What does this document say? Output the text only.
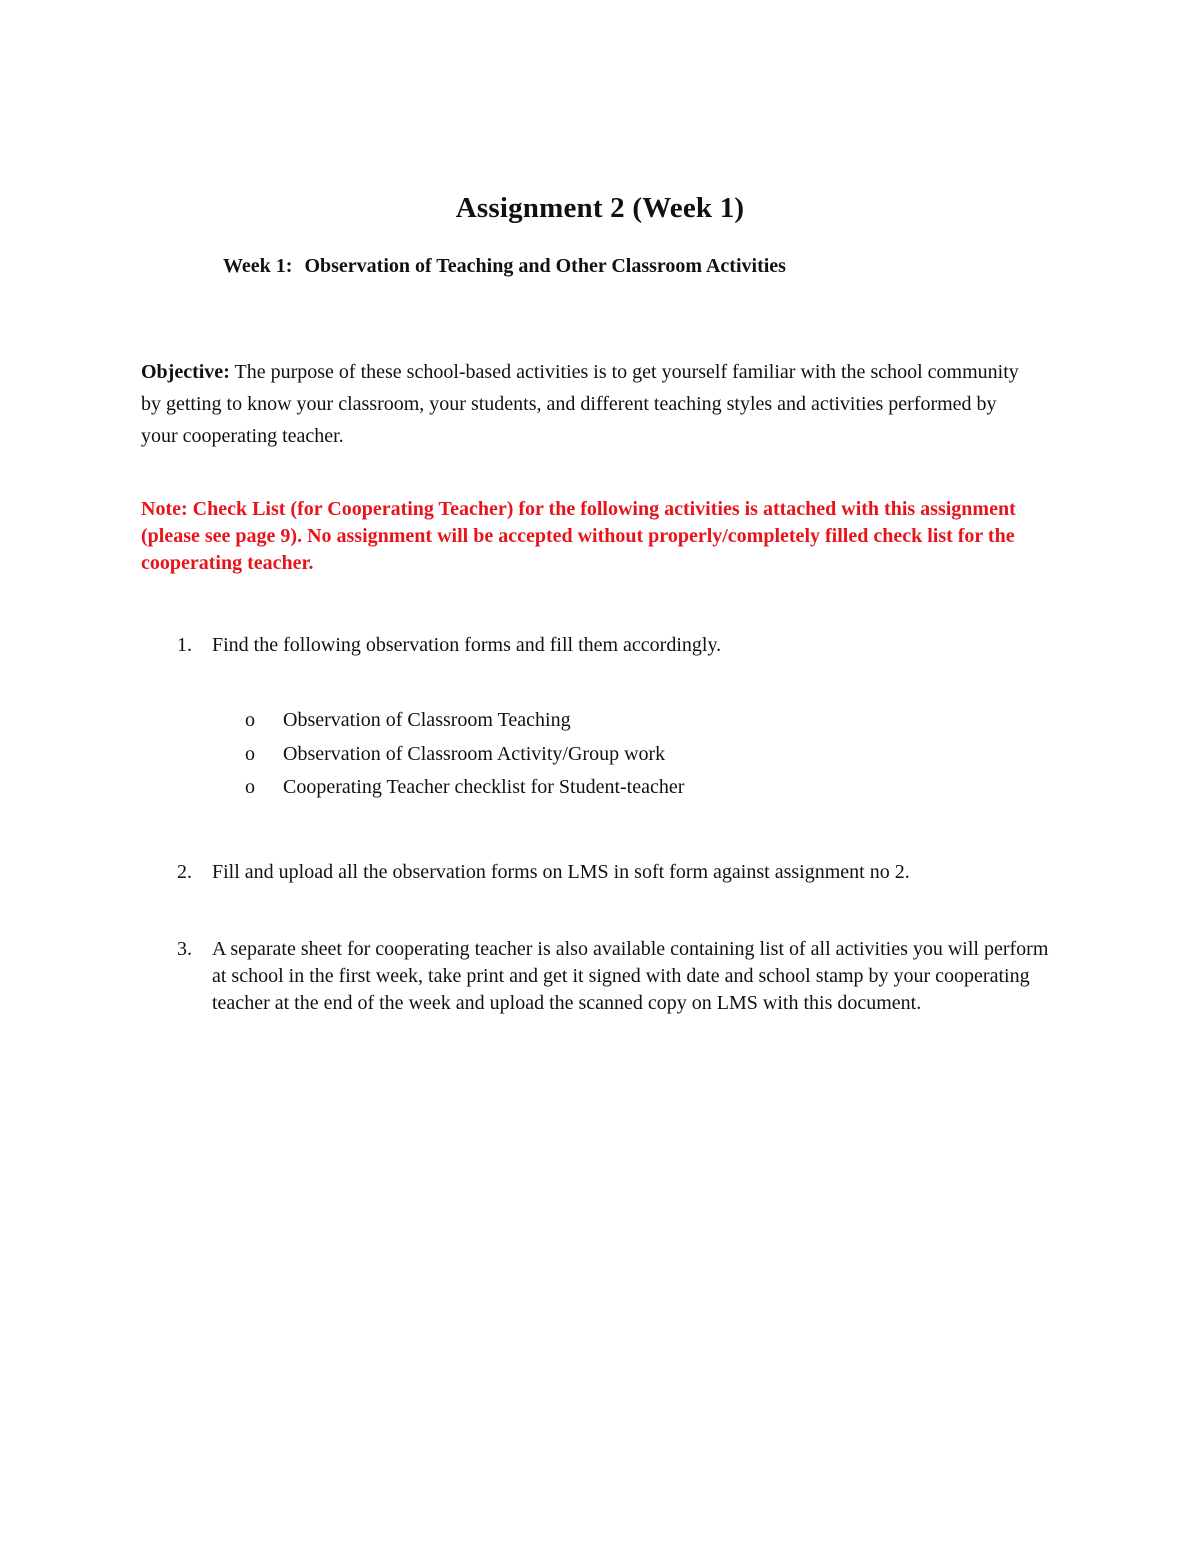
Assignment 2 (Week 1)
Week 1: Observation of Teaching and Other Classroom Activities
Objective: The purpose of these school-based activities is to get yourself familiar with the school community by getting to know your classroom, your students, and different teaching styles and activities performed by your cooperating teacher.
Note: Check List (for Cooperating Teacher) for the following activities is attached with this assignment (please see page 9). No assignment will be accepted without properly/completely filled check list for the cooperating teacher.
1. Find the following observation forms and fill them accordingly.
o Observation of Classroom Teaching
o Observation of Classroom Activity/Group work
o Cooperating Teacher checklist for Student-teacher
2. Fill and upload all the observation forms on LMS in soft form against assignment no 2.
3. A separate sheet for cooperating teacher is also available containing list of all activities you will perform at school in the first week, take print and get it signed with date and school stamp by your cooperating teacher at the end of the week and upload the scanned copy on LMS with this document.
